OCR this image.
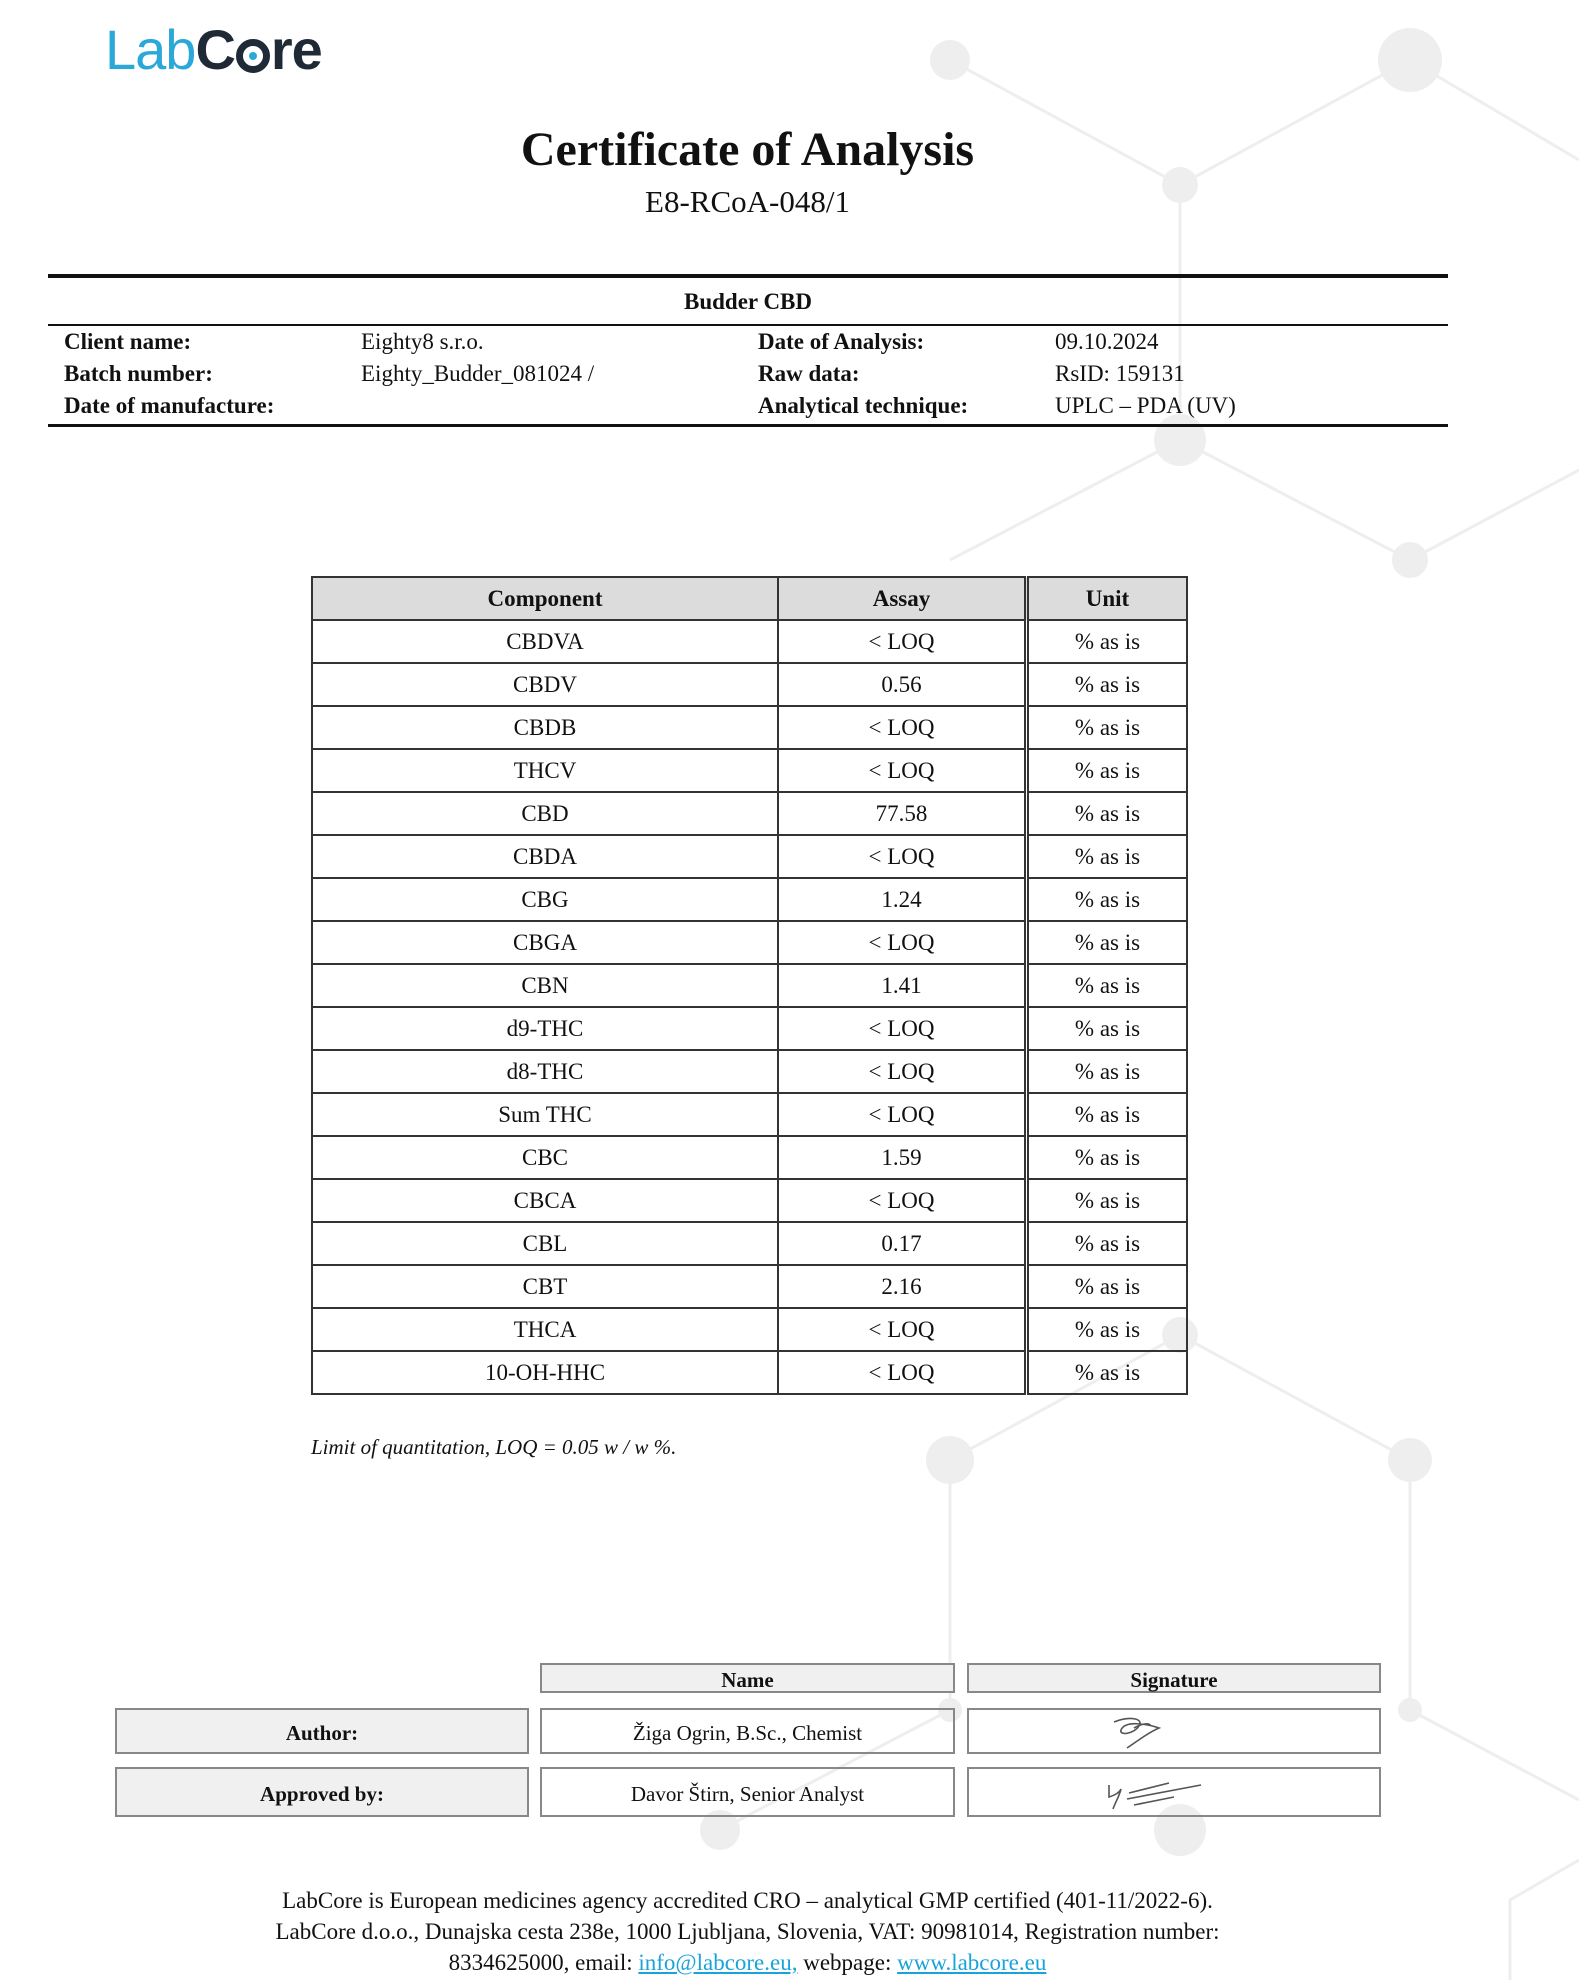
LabC re
Certificate of Analysis
E8-RCoA-048/1
Budder CBD
Client name:	Eighty8 s.r.o.	Date of Analysis:	09.10.2024
Batch number:	Eighty_Budder_081024 /	Raw data:	RsID: 159131
Date of manufacture:		Analytical technique:	UPLC – PDA (UV)
Component	Assay	Unit
CBDVA	< LOQ	% as is
CBDV	0.56	% as is
CBDB	< LOQ	% as is
THCV	< LOQ	% as is
CBD	77.58	% as is
CBDA	< LOQ	% as is
CBG	1.24	% as is
CBGA	< LOQ	% as is
CBN	1.41	% as is
d9-THC	< LOQ	% as is
d8-THC	< LOQ	% as is
Sum THC	< LOQ	% as is
CBC	1.59	% as is
CBCA	< LOQ	% as is
CBL	0.17	% as is
CBT	2.16	% as is
THCA	< LOQ	% as is
10-OH-HHC	< LOQ	% as is
Limit of quantitation, LOQ = 0.05 w / w %.
Name	Signature
Author:	Žiga Ogrin, B.Sc., Chemist
Approved by:	Davor Štirn, Senior Analyst
LabCore is European medicines agency accredited CRO – analytical GMP certified (401-11/2022-6).
LabCore d.o.o., Dunajska cesta 238e, 1000 Ljubljana, Slovenia, VAT: 90981014, Registration number:
8334625000, email: info@labcore.eu, webpage: www.labcore.eu
